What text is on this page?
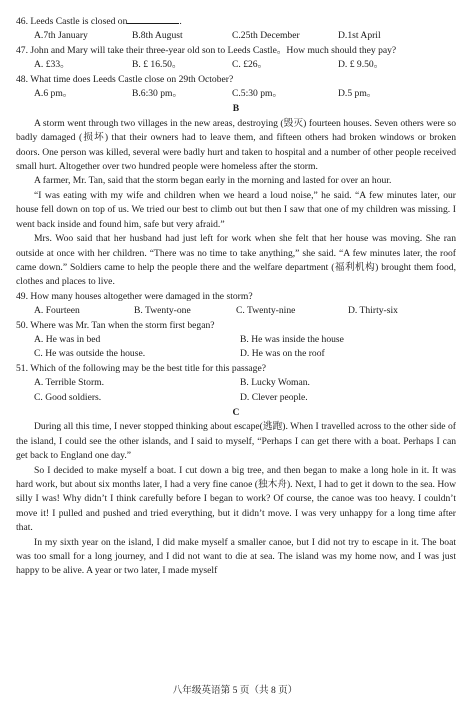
46. Leeds Castle is closed on	.
A.7th January	B.8th August	C.25th December	D.1st April
47. John and Mary will take their three-year old son to Leeds Castle。How much should they pay?
A. £33。	B. £ 16.50。	C. £26。	D. £ 9.50。
48. What time does Leeds Castle close on 29th October?
A.6 pm。	B.6:30 pm。	C.5:30 pm。	D.5 pm。
B

A storm went through two villages in the new areas, destroying (毁灭) fourteen houses. Seven others were so badly damaged (损坏) that their owners had to leave them, and fifteen others had broken windows or broken doors. One person was killed, several were badly hurt and taken to hospital and a number of other people received small hurt. Altogether over two hundred people were homeless after the storm.

A farmer, Mr. Tan, said that the storm began early in the morning and lasted for over an hour.

“I was eating with my wife and children when we heard a loud noise,” he said. “A few minutes later, our house fell down on top of us. We tried our best to climb out but then I saw that one of my children was missing. I went back inside and found him, safe but very afraid.”

Mrs. Woo said that her husband had just left for work when she felt that her house was moving. She ran outside at once with her children. “There was no time to take anything,” she said. “A few minutes later, the roof came down.” Soldiers came to help the people there and the welfare department (福利机构) brought them food, clothes and places to live.

49. How many houses altogether were damaged in the storm?
A. Fourteen	B. Twenty-one	C. Twenty-nine	D. Thirty-six
50. Where was Mr. Tan when the storm first began?
A. He was in bed	B. He was inside the house
C. He was outside the house.	D. He was on the roof
51. Which of the following may be the best title for this passage?
A. Terrible Storm.	B. Lucky Woman.
C. Good soldiers.	D. Clever people.
C

During all this time, I never stopped thinking about escape(逃跑). When I travelled across to the other side of the island, I could see the other islands, and I said to myself, “Perhaps I can get there with a boat. Perhaps I can get back to England one day.”

So I decided to make myself a boat. I cut down a big tree, and then began to make a long hole in it. It was hard work, but about six months later, I had a very fine canoe (独木舟). Next, I had to get it down to the sea. How silly I was! Why didn’t I think carefully before I began to work? Of course, the canoe was too heavy. I couldn’t move it! I pulled and pushed and tried everything, but it didn’t move. I was very unhappy for a long time after that.

In my sixth year on the island, I did make myself a smaller canoe, but I did not try to escape in it. The boat was too small for a long journey, and I did not want to die at sea. The island was my home now, and I was just happy to be alive. A year or two later, I made myself

八年级英语第 5 页（共 8 页）
